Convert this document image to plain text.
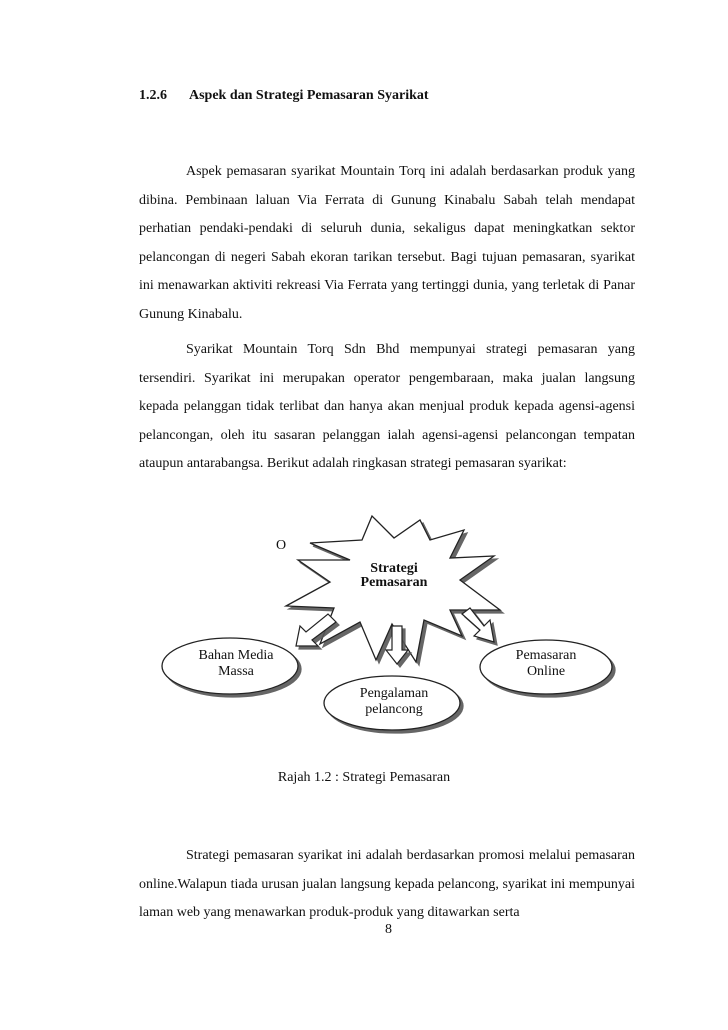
1.2.6 Aspek dan Strategi Pemasaran Syarikat

Aspek pemasaran syarikat Mountain Torq ini adalah berdasarkan produk yang dibina. Pembinaan laluan Via Ferrata di Gunung Kinabalu Sabah telah mendapat perhatian pendaki-pendaki di seluruh dunia, sekaligus dapat meningkatkan sektor pelancongan di negeri Sabah ekoran tarikan tersebut. Bagi tujuan pemasaran, syarikat ini menawarkan aktiviti rekreasi Via Ferrata yang tertinggi dunia, yang terletak di Panar Gunung Kinabalu.

Syarikat Mountain Torq Sdn Bhd mempunyai strategi pemasaran yang tersendiri. Syarikat ini merupakan operator pengembaraan, maka jualan langsung kepada pelanggan tidak terlibat dan hanya akan menjual produk kepada agensi-agensi pelancongan, oleh itu sasaran pelanggan ialah agensi-agensi pelancongan tempatan ataupun antarabangsa. Berikut adalah ringkasan strategi pemasaran syarikat:

O
Strategi
Pemasaran
Bahan Media
Massa
Pengalaman
pelancong
Pemasaran
Online
Rajah 1.2 : Strategi Pemasaran

Strategi pemasaran syarikat ini adalah berdasarkan promosi melalui pemasaran online.Walapun tiada urusan jualan langsung kepada pelancong, syarikat ini mempunyai laman web yang menawarkan produk-produk yang ditawarkan serta

8
